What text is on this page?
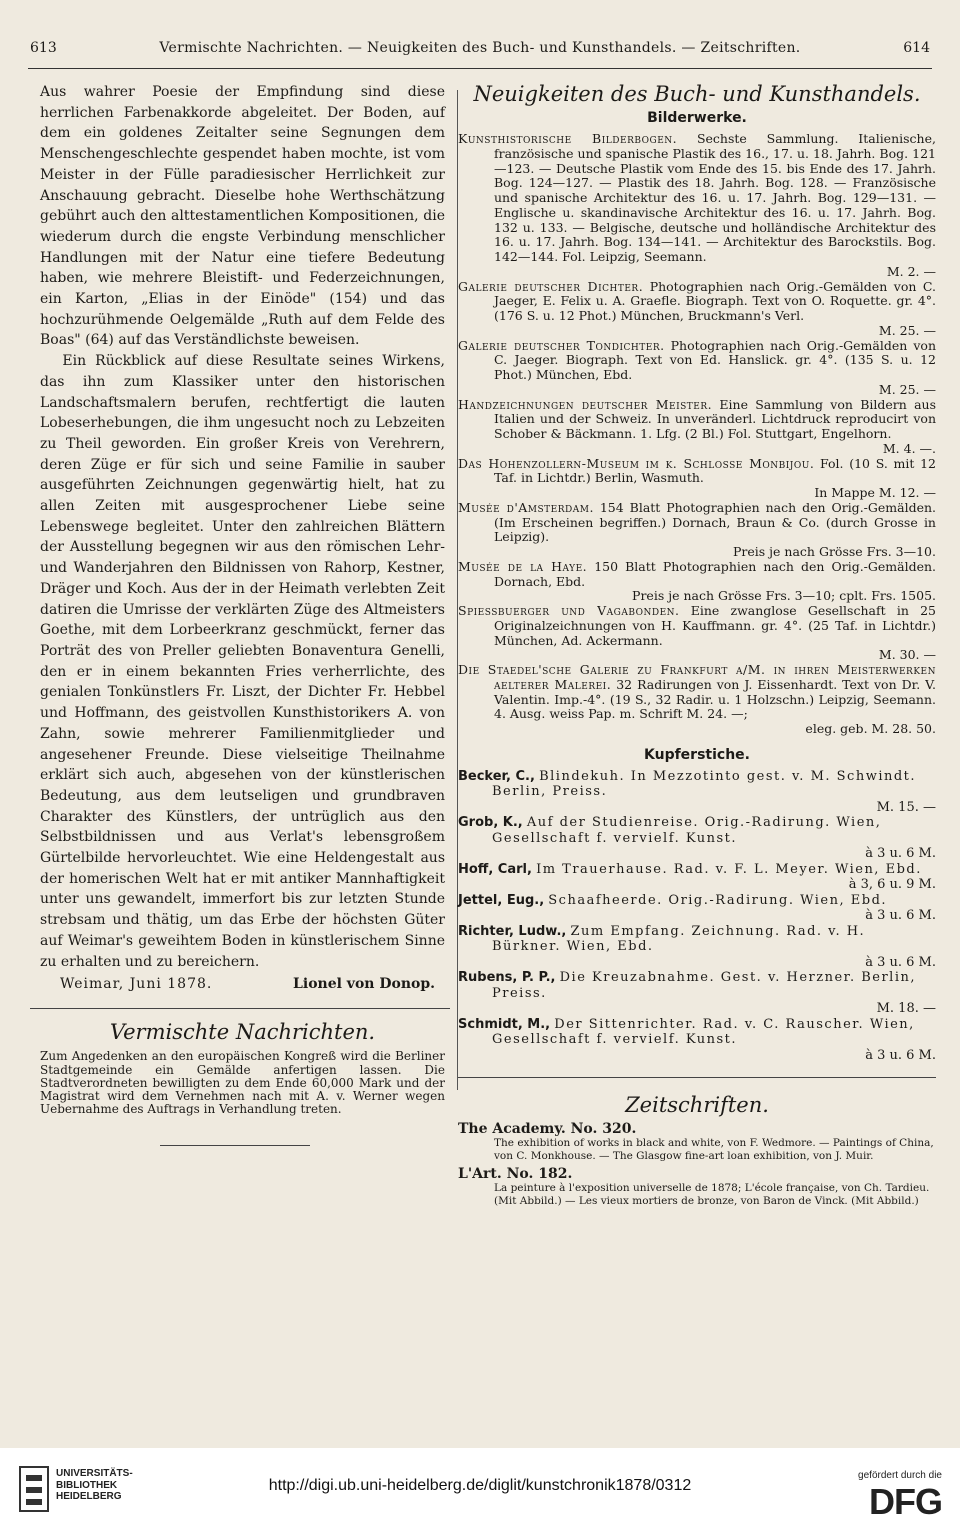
613	Vermischte Nachrichten. — Neuigkeiten des Buch- und Kunsthandels. — Zeitschriften.	614

Aus wahrer Poesie der Empfindung sind diese herrlichen Farbenakkorde abgeleitet. Der Boden, auf dem ein goldenes Zeitalter seine Segnungen dem Menschengeschlechte gespendet haben mochte, ist vom Meister in der Fülle paradiesischer Herrlichkeit zur Anschauung gebracht. Dieselbe hohe Werthschätzung gebührt auch den alttestamentlichen Kompositionen, die wiederum durch die engste Verbindung menschlicher Handlungen mit der Natur eine tiefere Bedeutung haben, wie mehrere Bleistift- und Federzeichnungen, ein Karton, „Elias in der Einöde" (154) und das hochzurühmende Oelgemälde „Ruth auf dem Felde des Boas" (64) auf das Verständlichste beweisen.

Ein Rückblick auf diese Resultate seines Wirkens, das ihn zum Klassiker unter den historischen Landschaftsmalern berufen, rechtfertigt die lauten Lobeserhebungen, die ihm ungesucht noch zu Lebzeiten zu Theil geworden. Ein großer Kreis von Verehrern, deren Züge er für sich und seine Familie in sauber ausgeführten Zeichnungen gegenwärtig hielt, hat zu allen Zeiten mit ausgesprochener Liebe seine Lebenswege begleitet. Unter den zahlreichen Blättern der Ausstellung begegnen wir aus den römischen Lehr- und Wanderjahren den Bildnissen von Rahorp, Kestner, Dräger und Koch. Aus der in der Heimath verlebten Zeit datiren die Umrisse der verklärten Züge des Altmeisters Goethe, mit dem Lorbeerkranz geschmückt, ferner das Porträt des von Preller geliebten Bonaventura Genelli, den er in einem bekannten Fries verherrlichte, des genialen Tonkünstlers Fr. Liszt, der Dichter Fr. Hebbel und Hoffmann, des geistvollen Kunsthistorikers A. von Zahn, sowie mehrerer Familienmitglieder und angesehener Freunde. Diese vielseitige Theilnahme erklärt sich auch, abgesehen von der künstlerischen Bedeutung, aus dem leutseligen und grundbraven Charakter des Künstlers, der untrüglich aus den Selbstbildnissen und aus Verlat's lebensgroßem Gürtelbilde hervorleuchtet. Wie eine Heldengestalt aus der homerischen Welt hat er mit antiker Mannhaftigkeit unter uns gewandelt, immerfort bis zur letzten Stunde strebsam und thätig, um das Erbe der höchsten Güter auf Weimar's geweihtem Boden in künstlerischem Sinne zu erhalten und zu bereichern.

Weimar, Juni 1878.	Lionel von Donop.
Vermischte Nachrichten.
Zum Angedenken an den europäischen Kongreß wird die Berliner Stadtgemeinde ein Gemälde anfertigen lassen. Die Stadtverordneten bewilligten zu dem Ende 60,000 Mark und der Magistrat wird dem Vernehmen nach mit A. v. Werner wegen Uebernahme des Auftrags in Verhandlung treten.
Neuigkeiten des Buch- und Kunsthandels.
Bilderwerke.
Kunsthistorische Bilderbogen. Sechste Sammlung. Italienische, französische und spanische Plastik des 16., 17. u. 18. Jahrh. Bog. 121—123. — Deutsche Plastik vom Ende des 15. bis Ende des 17. Jahrh. Bog. 124—127. — Plastik des 18. Jahrh. Bog. 128. — Französische und spanische Architektur des 16. u. 17. Jahrh. Bog. 129—131. — Englische u. skandinavische Architektur des 16. u. 17. Jahrh. Bog. 132 u. 133. — Belgische, deutsche und holländische Architektur des 16. u. 17. Jahrh. Bog. 134—141. — Architektur des Barockstils. Bog. 142—144. Fol. Leipzig, Seemann.
M. 2. —
Galerie deutscher Dichter. Photographien nach Orig.-Gemälden von C. Jaeger, E. Felix u. A. Graefle. Biograph. Text von O. Roquette. gr. 4°. (176 S. u. 12 Phot.) München, Bruckmann's Verl.
M. 25. —
Galerie deutscher Tondichter. Photographien nach Orig.-Gemälden von C. Jaeger. Biograph. Text von Ed. Hanslick. gr. 4°. (135 S. u. 12 Phot.) München, Ebd.
M. 25. —
Handzeichnungen deutscher Meister. Eine Sammlung von Bildern aus Italien und der Schweiz. In unveränderl. Lichtdruck reproducirt von Schober & Bäckmann. 1. Lfg. (2 Bl.) Fol. Stuttgart, Engelhorn.
M. 4. —.
Das Hohenzollern-Museum im k. Schlosse Monbijou. Fol. (10 S. mit 12 Taf. in Lichtdr.) Berlin, Wasmuth.
In Mappe M. 12. —
Musée d'Amsterdam. 154 Blatt Photographien nach den Orig.-Gemälden. (Im Erscheinen begriffen.) Dornach, Braun & Co. (durch Grosse in Leipzig).
Preis je nach Grösse Frs. 3—10.
Musée de la Haye. 150 Blatt Photographien nach den Orig.-Gemälden. Dornach, Ebd.
Preis je nach Grösse Frs. 3—10; cplt. Frs. 1505.
Spiessbuerger und Vagabonden. Eine zwanglose Gesellschaft in 25 Originalzeichnungen von H. Kauffmann. gr. 4°. (25 Taf. in Lichtdr.) München, Ad. Ackermann.
M. 30. —
Die Staedel'sche Galerie zu Frankfurt a/M. in ihren Meisterwerken aelterer Malerei. 32 Radirungen von J. Eissenhardt. Text von Dr. V. Valentin. Imp.-4°. (19 S., 32 Radir. u. 1 Holzschn.) Leipzig, Seemann. 4. Ausg. weiss Pap. m. Schrift M. 24. —;
eleg. geb. M. 28. 50.
Kupferstiche.
Becker, C., Blindekuh. In Mezzotinto gest. v. M. Schwindt. Berlin, Preiss.
M. 15. —
Grob, K., Auf der Studienreise. Orig.-Radirung. Wien, Gesellschaft f. vervielf. Kunst.
à 3 u. 6 M.
Hoff, Carl, Im Trauerhause. Rad. v. F. L. Meyer. Wien, Ebd.
à 3, 6 u. 9 M.
Jettel, Eug., Schaafheerde. Orig.-Radirung. Wien, Ebd.
à 3 u. 6 M.
Richter, Ludw., Zum Empfang. Zeichnung. Rad. v. H. Bürkner. Wien, Ebd.
à 3 u. 6 M.
Rubens, P. P., Die Kreuzabnahme. Gest. v. Herzner. Berlin, Preiss.
M. 18. —
Schmidt, M., Der Sittenrichter. Rad. v. C. Rauscher. Wien, Gesellschaft f. vervielf. Kunst.
à 3 u. 6 M.
Zeitschriften.
The Academy. No. 320.
The exhibition of works in black and white, von F. Wedmore. — Paintings of China, von C. Monkhouse. — The Glasgow fine-art loan exhibition, von J. Muir.
L'Art. No. 182.
La peinture à l'exposition universelle de 1878; L'école française, von Ch. Tardieu. (Mit Abbild.) — Les vieux mortiers de bronze, von Baron de Vinck. (Mit Abbild.)
UNIVERSITÄTS-
BIBLIOTHEK
HEIDELBERG
http://digi.ub.uni-heidelberg.de/diglit/kunstchronik1878/0312
gefördert durch die
DFG
